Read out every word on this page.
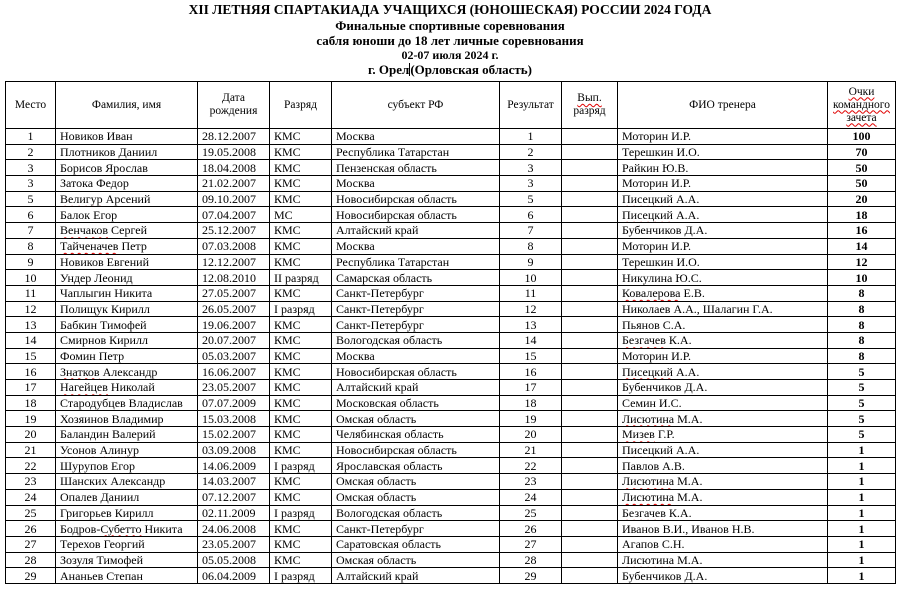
XII ЛЕТНЯЯ СПАРТАКИАДА УЧАЩИХСЯ (ЮНОШЕСКАЯ) РОССИИ 2024 ГОДА
Финальные спортивные соревнования
сабля юноши до 18 лет личные соревнования
02-07 июля 2024 г.
г. Орел(Орловская область)
Место	Фамилия, имя	Дата рождения	Разряд	субъект РФ	Результат	Вып. разряд	ФИО тренера	Очки командного зачета
1	Новиков Иван	28.12.2007	КМС	Москва	1		Моторин И.Р.	100
2	Плотников Даниил	19.05.2008	КМС	Республика Татарстан	2		Терешкин И.О.	70
3	Борисов Ярослав	18.04.2008	КМС	Пензенская область	3		Райкин Ю.В.	50
3	Затока Федор	21.02.2007	КМС	Москва	3		Моторин И.Р.	50
5	Велигур Арсений	09.10.2007	КМС	Новосибирская область	5		Писецкий А.А.	20
6	Балок Егор	07.04.2007	МС	Новосибирская область	6		Писецкий А.А.	18
7	Венчаков Сергей	25.12.2007	КМС	Алтайский край	7		Бубенчиков Д.А.	16
8	Тайченачев Петр	07.03.2008	КМС	Москва	8		Моторин И.Р.	14
9	Новиков Евгений	12.12.2007	КМС	Республика Татарстан	9		Терешкин И.О.	12
10	Ундер Леонид	12.08.2010	II разряд	Самарская область	10		Никулина Ю.С.	10
11	Чаплыгин Никита	27.05.2007	КМС	Санкт-Петербург	11		Ковалерова Е.В.	8
12	Полищук Кирилл	26.05.2007	I разряд	Санкт-Петербург	12		Николаев А.А., Шалагин Г.А.	8
13	Бабкин Тимофей	19.06.2007	КМС	Санкт-Петербург	13		Пьянов С.А.	8
14	Смирнов Кирилл	20.07.2007	КМС	Вологодская область	14		Безгачев К.А.	8
15	Фомин Петр	05.03.2007	КМС	Москва	15		Моторин И.Р.	8
16	Знатков Александр	16.06.2007	КМС	Новосибирская область	16		Писецкий А.А.	5
17	Нагейцев Николай	23.05.2007	КМС	Алтайский край	17		Бубенчиков Д.А.	5
18	Стародубцев Владислав	07.07.2009	КМС	Московская область	18		Семин И.С.	5
19	Хозяинов Владимир	15.03.2008	КМС	Омская область	19		Лисютина М.А.	5
20	Баландин Валерий	15.02.2007	КМС	Челябинская область	20		Мизев Г.Р.	5
21	Усонов Алинур	03.09.2008	КМС	Новосибирская область	21		Писецкий А.А.	1
22	Шурупов Егор	14.06.2009	I разряд	Ярославская область	22		Павлов А.В.	1
23	Шанских Александр	14.03.2007	КМС	Омская область	23		Лисютина М.А.	1
24	Опалев Даниил	07.12.2007	КМС	Омская область	24		Лисютина М.А.	1
25	Григорьев Кирилл	02.11.2009	I разряд	Вологодская область	25		Безгачев К.А.	1
26	Бодров-Субетто Никита	24.06.2008	КМС	Санкт-Петербург	26		Иванов В.И., Иванов Н.В.	1
27	Терехов Георгий	23.05.2007	КМС	Саратовская область	27		Агапов С.Н.	1
28	Зозуля Тимофей	05.05.2008	КМС	Омская область	28		Лисютина М.А.	1
29	Ананьев Степан	06.04.2009	I разряд	Алтайский край	29		Бубенчиков Д.А.	1
